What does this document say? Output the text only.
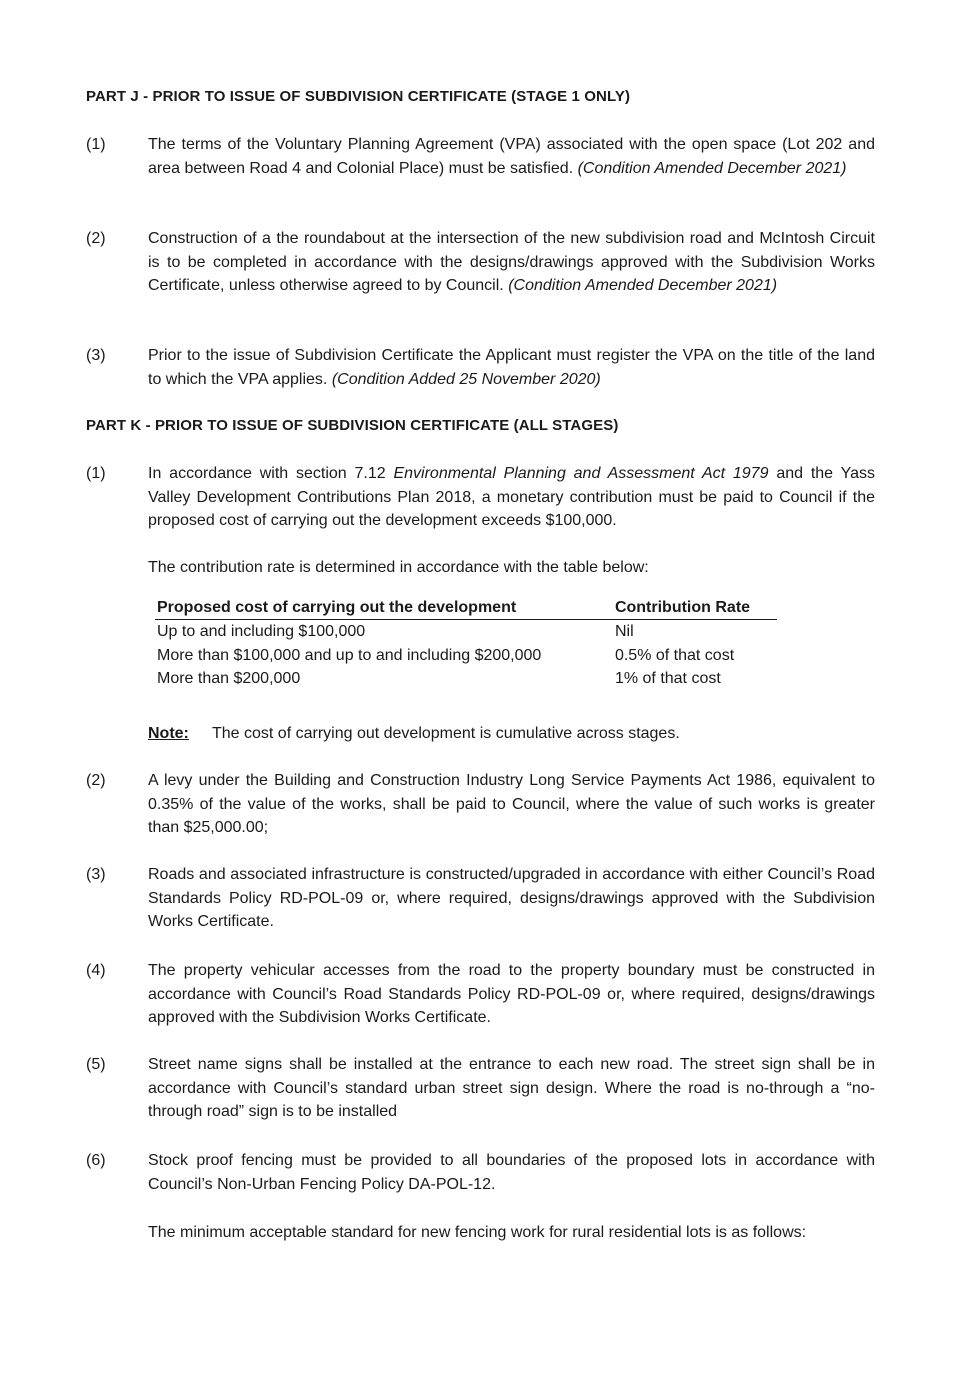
PART J - PRIOR TO ISSUE OF SUBDIVISION CERTIFICATE (STAGE 1 ONLY)
(1)	The terms of the Voluntary Planning Agreement (VPA) associated with the open space (Lot 202 and area between Road 4 and Colonial Place) must be satisfied. (Condition Amended December 2021)
(2)	Construction of a the roundabout at the intersection of the new subdivision road and McIntosh Circuit is to be completed in accordance with the designs/drawings approved with the Subdivision Works Certificate, unless otherwise agreed to by Council. (Condition Amended December 2021)
(3)	Prior to the issue of Subdivision Certificate the Applicant must register the VPA on the title of the land to which the VPA applies. (Condition Added 25 November 2020)
PART K - PRIOR TO ISSUE OF SUBDIVISION CERTIFICATE (ALL STAGES)
(1)	In accordance with section 7.12 Environmental Planning and Assessment Act 1979 and the Yass Valley Development Contributions Plan 2018, a monetary contribution must be paid to Council if the proposed cost of carrying out the development exceeds $100,000.
The contribution rate is determined in accordance with the table below:
Proposed cost of carrying out the development	Contribution Rate
Up to and including $100,000	Nil
More than $100,000 and up to and including $200,000	0.5% of that cost
More than $200,000	1% of that cost
Note: The cost of carrying out development is cumulative across stages.
(2)	A levy under the Building and Construction Industry Long Service Payments Act 1986, equivalent to 0.35% of the value of the works, shall be paid to Council, where the value of such works is greater than $25,000.00;
(3)	Roads and associated infrastructure is constructed/upgraded in accordance with either Council’s Road Standards Policy RD-POL-09 or, where required, designs/drawings approved with the Subdivision Works Certificate.
(4)	The property vehicular accesses from the road to the property boundary must be constructed in accordance with Council’s Road Standards Policy RD-POL-09 or, where required, designs/drawings approved with the Subdivision Works Certificate.
(5)	Street name signs shall be installed at the entrance to each new road. The street sign shall be in accordance with Council’s standard urban street sign design. Where the road is no-through a “no-through road” sign is to be installed
(6)	Stock proof fencing must be provided to all boundaries of the proposed lots in accordance with Council’s Non-Urban Fencing Policy DA-POL-12.
The minimum acceptable standard for new fencing work for rural residential lots is as follows:
